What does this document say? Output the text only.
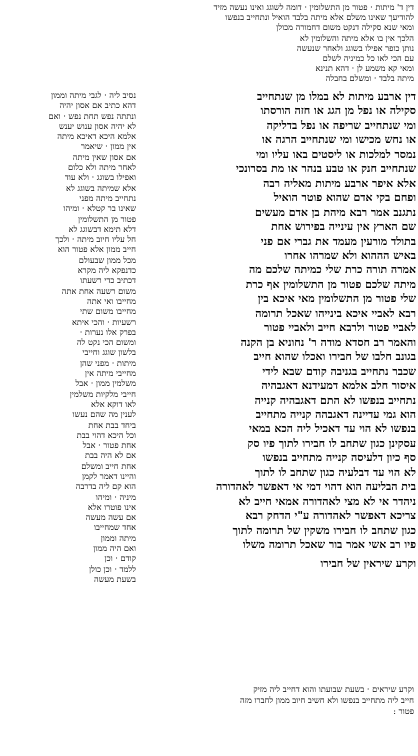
דין ד' מיתות · פטור מן התשלומין · דומה לשוגג ואינו נעשה מזיד
להודיעך שאינו משלם אלא מיתה בלבד הואיל ונתחייב בנפשו
ומאי שנא סקילה דנקט משום דחמורה מכולן
הלכך אין בו אלא מיתה והשלומין לא
נותן כופר אפילו בשוגג ולאחר שנעשה
עם הכי לאו כל כמיניה לשלם
ומאי קא משמע לן · דהא תנינא
מיתה בלבד · ומשלם בחבלה
דין ארבע מיתות לא במלו מן שנתחייב
סקילה או נפל מן הגג או חזה הורסתו
ומי שנתחייב שריפה או נפל בדליקה
או נחש מכישו ומי שנתחייב הרגה או
נמסר למלכות או ליסטים באו עליו ומי
שנתחייב חנק או טבע בנהר או מת בסרונכי
אלא איפר ארבע מיתות מאליה רבה
ופחם בקי אדם שהוא פוטר הואיל
נתגנב אמר רבא מיהת בן אדם מעשים
שם הארץ אין עינייה בפירוש אחת
בתולד מורעין מעמד את גברי אם פני
באיש הההוא ולא שמרהו אחרו
אמרה תורה כרת שלי כמיתה שלכם מה
מיתה שלכם פטור מן התשלומין אף כרת
שלי פטור מן התשלומין מאי איכא בין
רבא לאביי איכא בינייהו שאכל תרומה
לאביי פטור ולרבא חייב ולאביי פטור
והאמר רב חסדא מודה ר' נחוניא בן הקנה
בגונב חלבו של חבירו ואכלו שהוא חייב
שכבר נתחייב בגניבה קודם שבא לידי
איסור חלב אלמא דמעידנא דאגבהיה
נתחייב בנפשו לא התם דאגבהיה קנייה
הוא גמי עדיינה דאגבהה קנייה מתחייב
בנפשו לא הוי עד דאכיל ליה הכא במאי
עסקינן כגון שתחב לו חבירו לתוך פיו סק
סף כיון דלעיסה קנייה מתחייב בנפשו
לא הוי עד דבלעיה כגון שתחב לו לתוך
בית הבליעה הוא דהוי דמי אי דאפשר לאהדורה
ניהדר אי לא מצי לאהדורה אמאי חייב לא
צריכא דאפשר לאהדורה ע"י הדחק רבא
כגון שתחב לו חבירו משקין של תרומה לתוך
פיו רב אשי אמר בור שאכל תרומה משלו
וקרע שיראין של חבירו
נסיב ליה · לגבי מיתה וממון
דהא כתיב אם אסון יהיה
ונתתה נפש תחת נפש · ואם
לא יהיה אסון ענוש יענש
אלמא היכא דאיכא מיתה
אין ממון · שיאמר
אם אסון שאין מיתה
לאחר מיתה ולא כלום
ואפילו בשוגג · ולא עוד
אלא שמיתה בשוגג לא
נתחייב מיתה מפני
שאינו בר קטלא · ומיהו
פטור מן התשלומין
דלא תימא דבשוגג לא
חל עליו חיוב מיתה · ולכך
חייב ממון אלא פטור הוא
מכל ממון שבעולם
כדנפקא ליה מקרא
דכתיב כדי רשעתו
משום רשעה אחת אתה
מחייבו ואי אתה
מחייבו משום שתי
רשעיות · והכי איתא
בפרק אלו נערות ·
ומשום הכי נקט לה
בלשון שוגג וחייבי
מיתות · מפני שהן
מחייבי מיתה אין
משלמין ממון · אבל
חייבי מלקיות משלמין
לאו דוקא אלא
לענין מה שהם נעשו
ביחד בבת אחת
וכל היכא דהוי בבת
אחת פטור · אבל
אם לא היה בבת
אחת חייב ומשלם
והיינו דאמר לקמן
הוא קם ליה בדרבה
מיניה · ומיהו
אינו פוטרו אלא
אם עשה מעשה
אחד שמחייבו
מיתה וממון
ואם היה ממון
קודם · וכן
ללמד · וכן כולן
בשעת מעשה
וקרע שיראים · בשעת שבועתו והוא דחייב ליה מזיק
חייב ליה מתחייב בנפשו ולא חשיב חיוב ממון לחברו מזה
פטור :
